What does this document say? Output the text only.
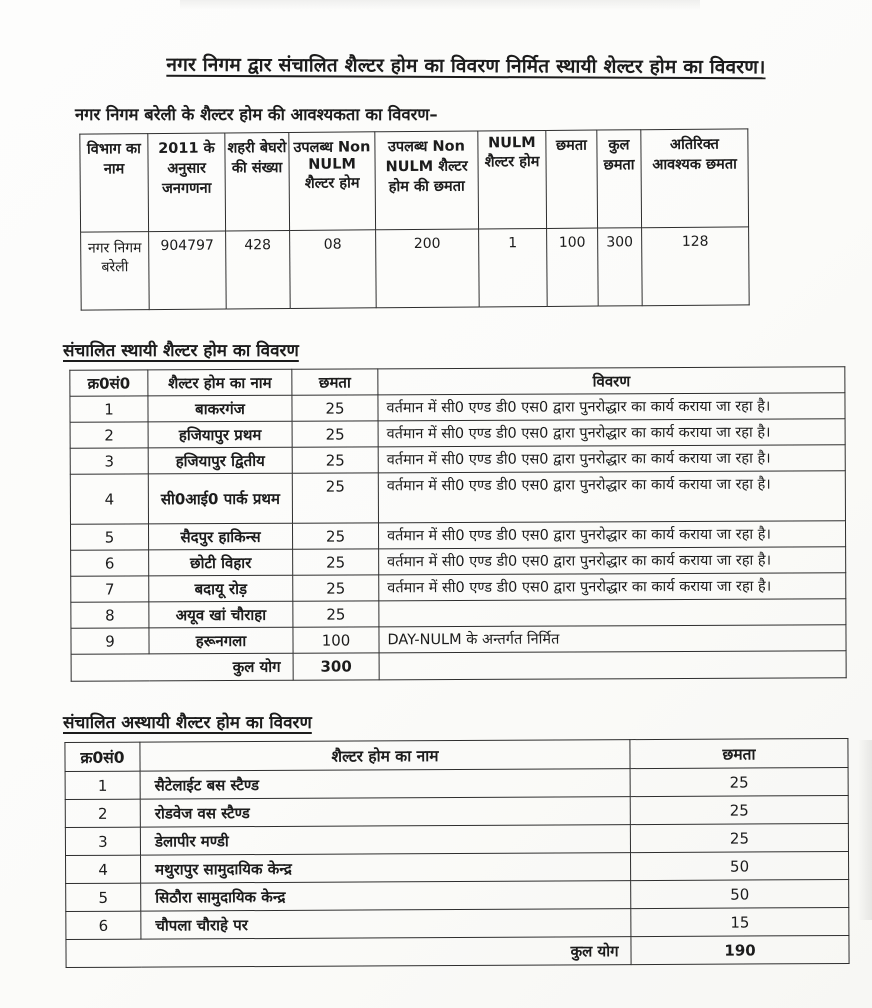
नगर निगम द्वार संचालित शैल्टर होम का विवरण निर्मित स्थायी शेल्टर होम का विवरण।
नगर निगम बरेली के शैल्टर होम की आवश्यकता का विवरण–
विभाग का नाम	2011 के अनुसार जनगणना	शहरी बेघरो की संख्या	उपलब्ध Non NULM शैल्टर होम	उपलब्ध Non NULM शैल्टर होम की छमता	NULM शैल्टर होम	छमता	कुल छमता	अतिरिक्त आवश्यक छमता
नगर निगम बरेली	904797	428	08	200	1	100	300	128
संचालित स्थायी शैल्टर होम का विवरण
क्र0सं0	शैल्टर होम का नाम	छमता	विवरण
1	बाकरगंज	25	वर्तमान में सी0 एण्ड डी0 एस0 द्वारा पुनरोद्धार का कार्य कराया जा रहा है।
2	हजियापुर प्रथम	25	वर्तमान में सी0 एण्ड डी0 एस0 द्वारा पुनरोद्धार का कार्य कराया जा रहा है।
3	हजियापुर द्वितीय	25	वर्तमान में सी0 एण्ड डी0 एस0 द्वारा पुनरोद्धार का कार्य कराया जा रहा है।
4	सी0आई0 पार्क प्रथम	25	वर्तमान में सी0 एण्ड डी0 एस0 द्वारा पुनरोद्धार का कार्य कराया जा रहा है।
5	सैदपुर हाकिन्स	25	वर्तमान में सी0 एण्ड डी0 एस0 द्वारा पुनरोद्धार का कार्य कराया जा रहा है।
6	छोटी विहार	25	वर्तमान में सी0 एण्ड डी0 एस0 द्वारा पुनरोद्धार का कार्य कराया जा रहा है।
7	बदायू रोड़	25	वर्तमान में सी0 एण्ड डी0 एस0 द्वारा पुनरोद्धार का कार्य कराया जा रहा है।
8	अयूव खां चौराहा	25	
9	हरूनगला	100	DAY-NULM के अन्तर्गत निर्मित
कुल योग		300	
संचालित अस्थायी शैल्टर होम का विवरण
क्र0सं0	शैल्टर होम का नाम	छमता
1	सैटेलाईट बस स्टैण्ड	25
2	रोडवेज वस स्टैण्ड	25
3	डेलापीर मण्डी	25
4	मथुरापुर सामुदायिक केन्द्र	50
5	सिठौरा सामुदायिक केन्द्र	50
6	चौपला चौराहे पर	15
कुल योग		190
